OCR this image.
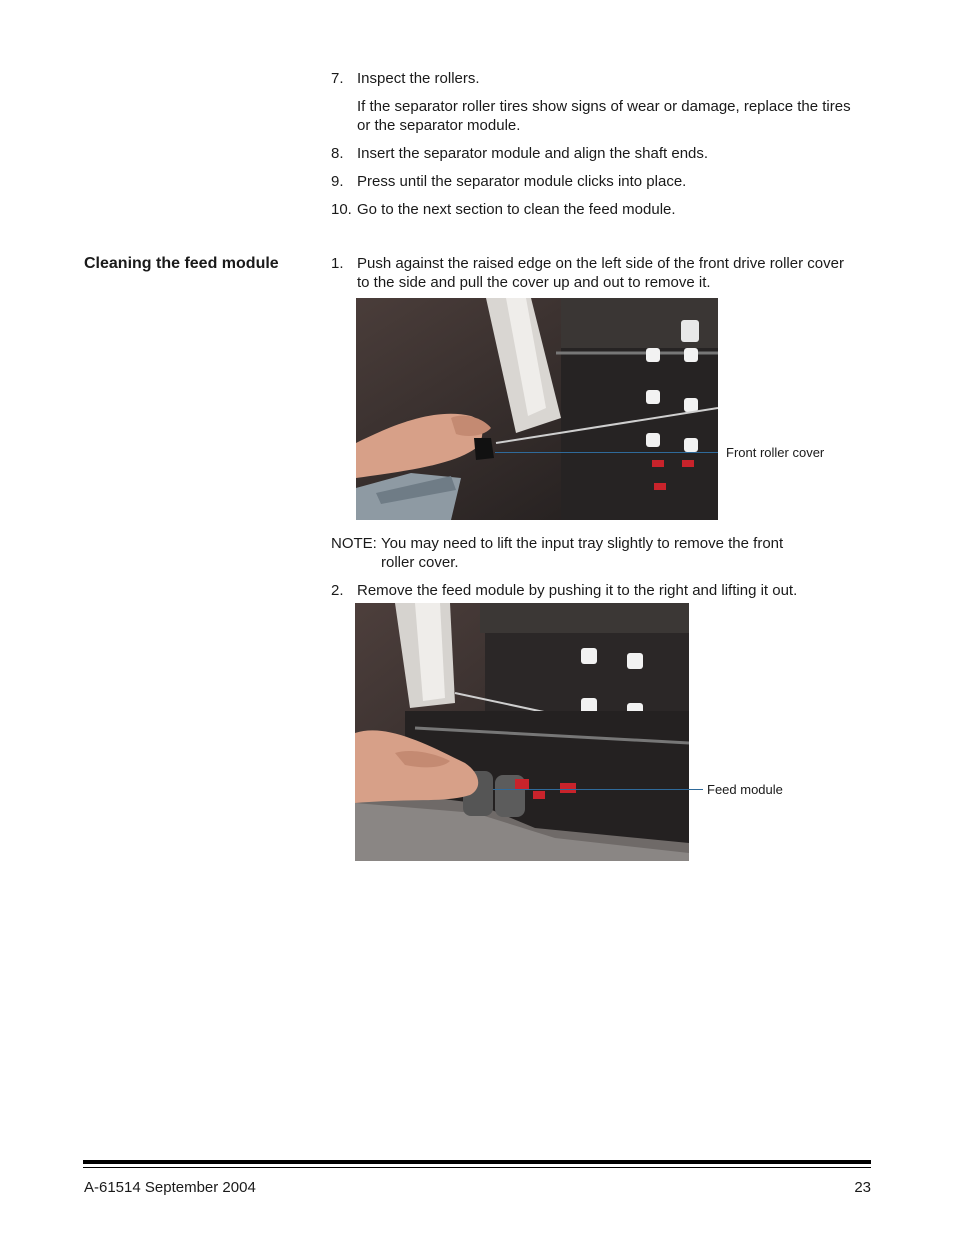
7. Inspect the rollers.
If the separator roller tires show signs of wear or damage, replace the tires
or the separator module.
8. Insert the separator module and align the shaft ends.
9. Press until the separator module clicks into place.
10. Go to the next section to clean the feed module.
Cleaning the feed module	1. Push against the raised edge on the left side of the front drive roller cover
to the side and pull the cover up and out to remove it.
Front roller cover
NOTE: You may need to lift the input tray slightly to remove the front
roller cover.
2. Remove the feed module by pushing it to the right and lifting it out.
Feed module
A-61514 September 2004	23
